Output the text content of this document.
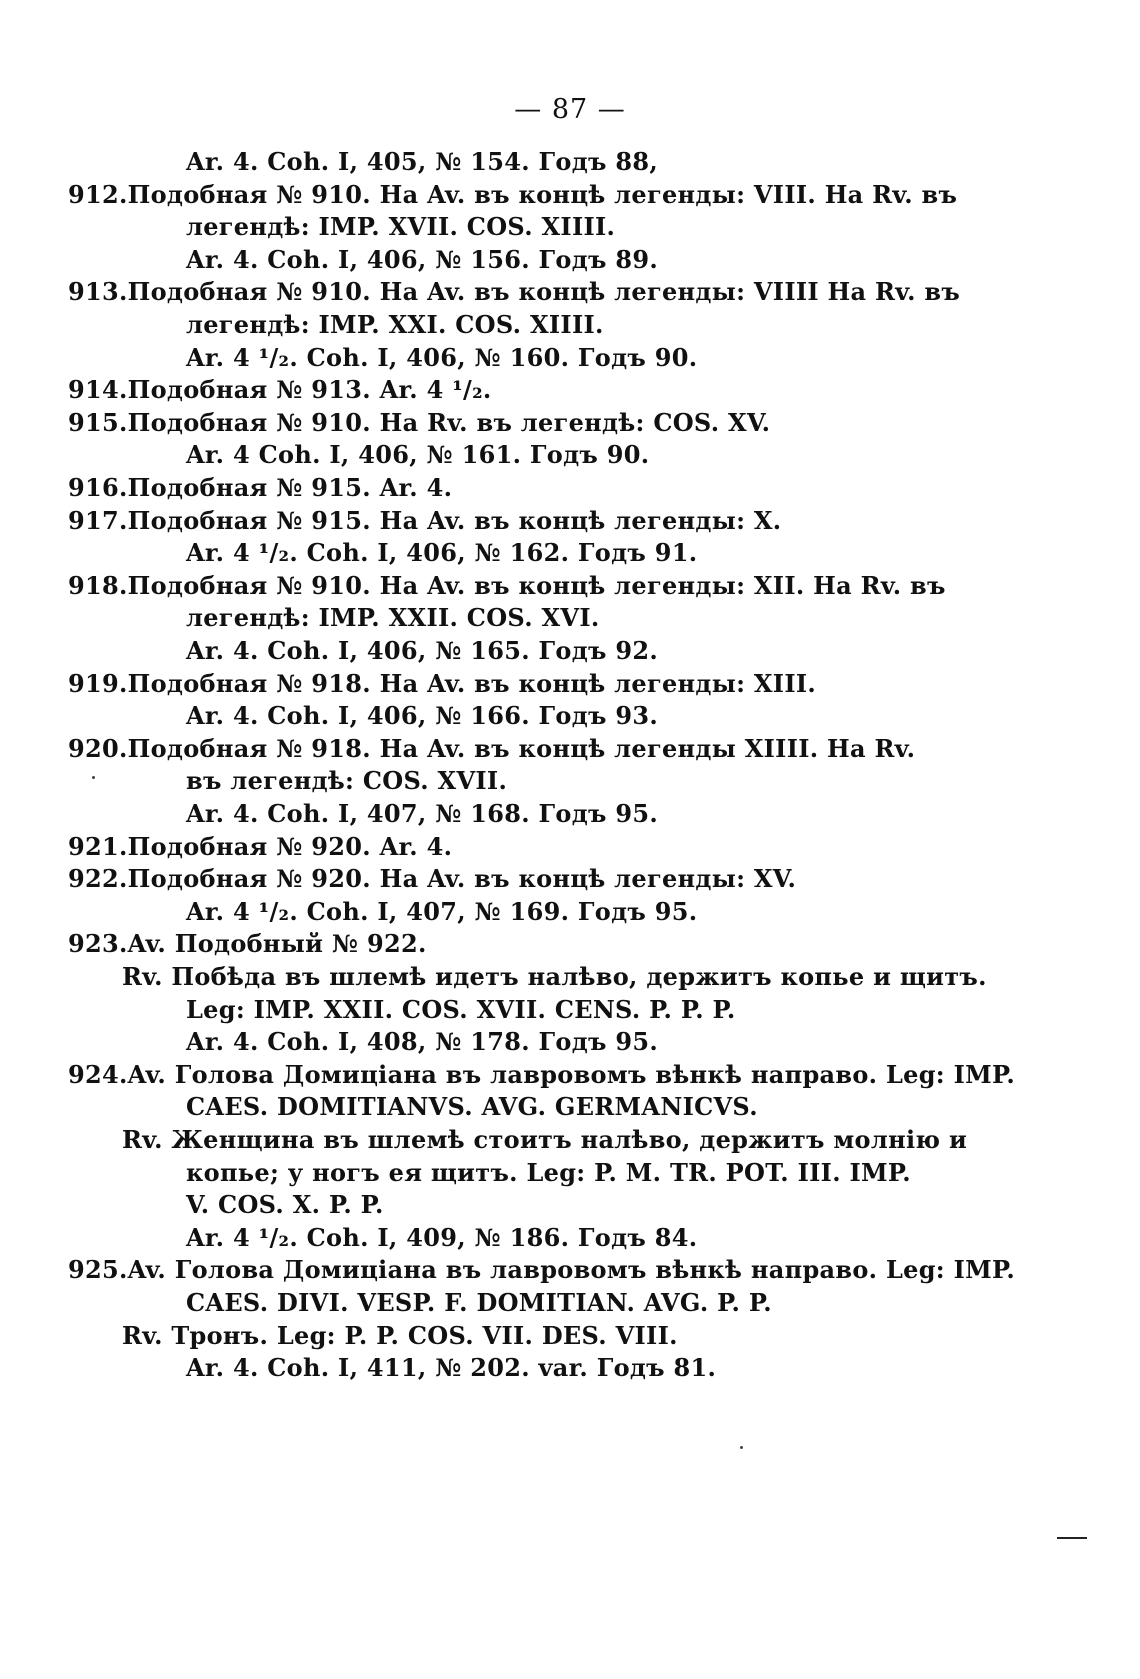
— 87 —
Ar. 4. Coh. I, 405, № 154. Годъ 88,
912.Подобная № 910. На Av. въ концѣ легенды: VIII. На Rv. въ
легендѣ: IMP. XVII. COS. XIIII.
Ar. 4. Coh. I, 406, № 156. Годъ 89.
913.Подобная № 910. На Av. въ концѣ легенды: VIIII На Rv. въ
легендѣ: IMP. XXI. COS. XIIII.
Ar. 4 ¹/₂. Coh. I, 406, № 160. Годъ 90.
914.Подобная № 913. Ar. 4 ¹/₂.
915.Подобная № 910. На Rv. въ легендѣ: COS. XV.
Ar. 4 Coh. I, 406, № 161. Годъ 90.
916.Подобная № 915. Ar. 4.
917.Подобная № 915. На Av. въ концѣ легенды: X.
Ar. 4 ¹/₂. Coh. I, 406, № 162. Годъ 91.
918.Подобная № 910. На Av. въ концѣ легенды: XII. На Rv. въ
легендѣ: IMP. XXII. COS. XVI.
Ar. 4. Coh. I, 406, № 165. Годъ 92.
919.Подобная № 918. На Av. въ концѣ легенды: XIII.
Ar. 4. Coh. I, 406, № 166. Годъ 93.
920.Подобная № 918. На Av. въ концѣ легенды XIIII. На Rv.
въ легендѣ: COS. XVII.
Ar. 4. Coh. I, 407, № 168. Годъ 95.
921.Подобная № 920. Ar. 4.
922.Подобная № 920. На Av. въ концѣ легенды: XV.
Ar. 4 ¹/₂. Coh. I, 407, № 169. Годъ 95.
923.Av. Подобный № 922.
Rv. Побѣда въ шлемѣ идетъ налѣво, держитъ копье и щитъ.
Leg: IMP. XXII. COS. XVII. CENS. P. P. P.
Ar. 4. Coh. I, 408, № 178. Годъ 95.
924.Av. Голова Домиціана въ лавровомъ вѣнкѣ направо. Leg: IMP.
CAES. DOMITIANVS. AVG. GERMANICVS.
Rv. Женщина въ шлемѣ стоитъ налѣво, держитъ молнію и
копье; у ногъ ея щитъ. Leg: P. M. TR. POT. III. IMP.
V. COS. X. P. P.
Ar. 4 ¹/₂. Coh. I, 409, № 186. Годъ 84.
925.Av. Голова Домиціана въ лавровомъ вѣнкѣ направо. Leg: IMP.
CAES. DIVI. VESP. F. DOMITIAN. AVG. P. P.
Rv. Тронъ. Leg: P. P. COS. VII. DES. VIII.
Ar. 4. Coh. I, 411, № 202. var. Годъ 81.
